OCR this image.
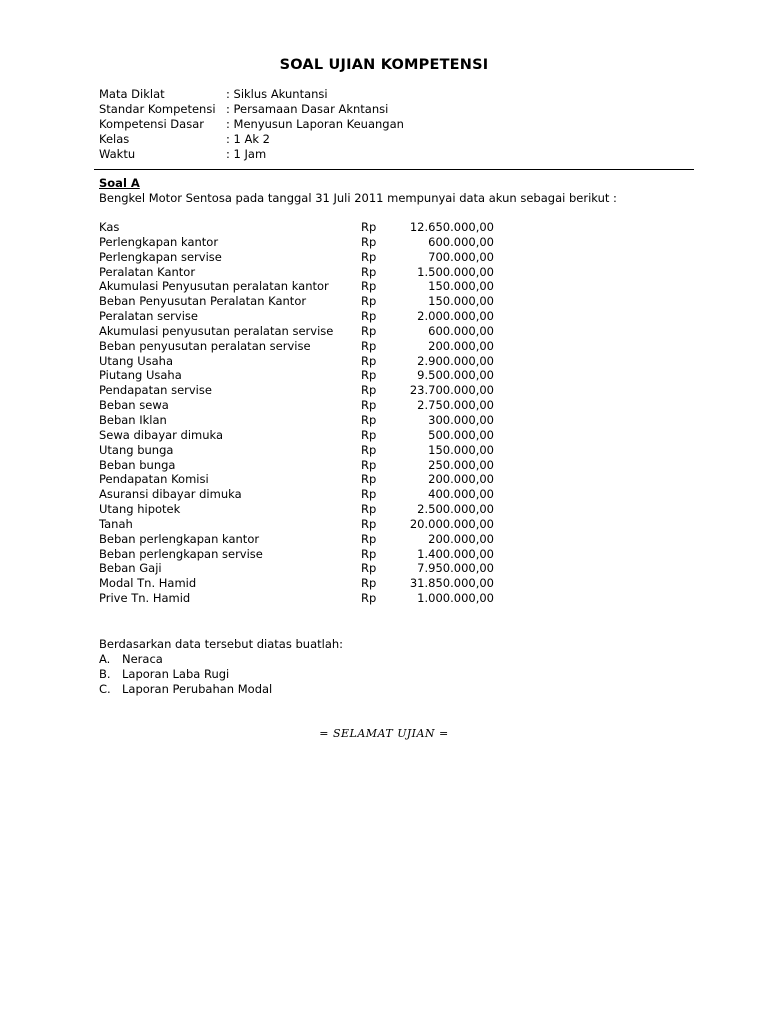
SOAL UJIAN KOMPETENSI
Mata Diklat	: Siklus Akuntansi
Standar Kompetensi : Persamaan Dasar Akntansi
Kompetensi Dasar : Menyusun Laporan Keuangan
Kelas	: 1 Ak 2
Waktu	: 1 Jam
Soal A
Bengkel Motor Sentosa pada tanggal 31 Juli 2011 mempunyai data akun sebagai berikut :
Kas	Rp	12.650.000,00
Perlengkapan kantor	Rp	600.000,00
Perlengkapan servise	Rp	700.000,00
Peralatan Kantor	Rp	1.500.000,00
Akumulasi Penyusutan peralatan kantor	Rp	150.000,00
Beban Penyusutan Peralatan Kantor	Rp	150.000,00
Peralatan servise	Rp	2.000.000,00
Akumulasi penyusutan peralatan servise Rp	600.000,00
Beban penyusutan peralatan servise	Rp	200.000,00
Utang Usaha	Rp	2.900.000,00
Piutang Usaha	Rp	9.500.000,00
Pendapatan servise	Rp	23.700.000,00
Beban sewa	Rp	2.750.000,00
Beban Iklan	Rp	300.000,00
Sewa dibayar dimuka	Rp	500.000,00
Utang bunga	Rp	150.000,00
Beban bunga	Rp	250.000,00
Pendapatan Komisi	Rp	200.000,00
Asuransi dibayar dimuka	Rp	400.000,00
Utang hipotek	Rp	2.500.000,00
Tanah	Rp	20.000.000,00
Beban perlengkapan kantor	Rp	200.000,00
Beban perlengkapan servise	Rp	1.400.000,00
Beban Gaji	Rp	7.950.000,00
Modal Tn. Hamid	Rp	31.850.000,00
Prive Tn. Hamid	Rp	1.000.000,00
Berdasarkan data tersebut diatas buatlah:
A. Neraca
B. Laporan Laba Rugi
C. Laporan Perubahan Modal
= SELAMAT UJIAN =
